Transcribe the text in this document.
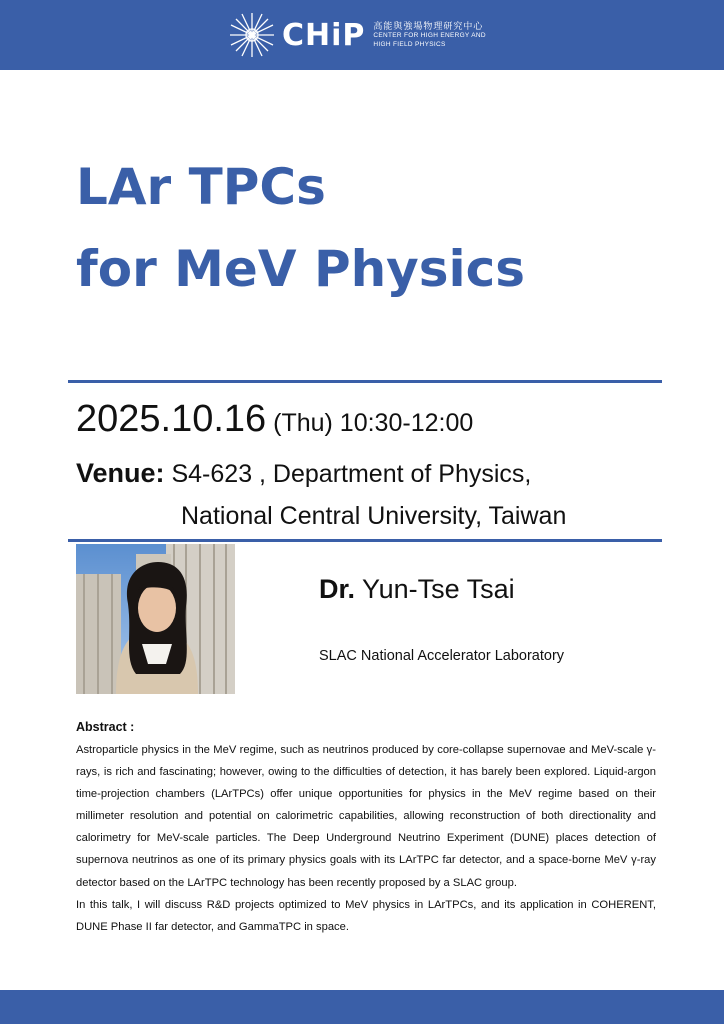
CHiP 高能與強場物理研究中心
CENTER FOR HIGH ENERGY AND
HIGH FIELD PHYSICS
LAr TPCs
for MeV Physics
2025.10.16 (Thu) 10:30-12:00
Venue: S4-623 , Department of Physics,
National Central University, Taiwan
Dr. Yun-Tse Tsai
SLAC National Accelerator Laboratory
Abstract :

Astroparticle physics in the MeV regime, such as neutrinos produced by core-collapse supernovae and MeV-scale γ-rays, is rich and fascinating; however, owing to the difficulties of detection, it has barely been explored. Liquid-argon time-projection chambers (LArTPCs) offer unique opportunities for physics in the MeV regime based on their millimeter resolution and potential on calorimetric capabilities, allowing reconstruction of both directionality and calorimetry for MeV-scale particles. The Deep Underground Neutrino Experiment (DUNE) places detection of supernova neutrinos as one of its primary physics goals with its LArTPC far detector, and a space-borne MeV γ-ray detector based on the LArTPC technology has been recently proposed by a SLAC group.

In this talk, I will discuss R&D projects optimized to MeV physics in LArTPCs, and its application in COHERENT, DUNE Phase II far detector, and GammaTPC in space.
